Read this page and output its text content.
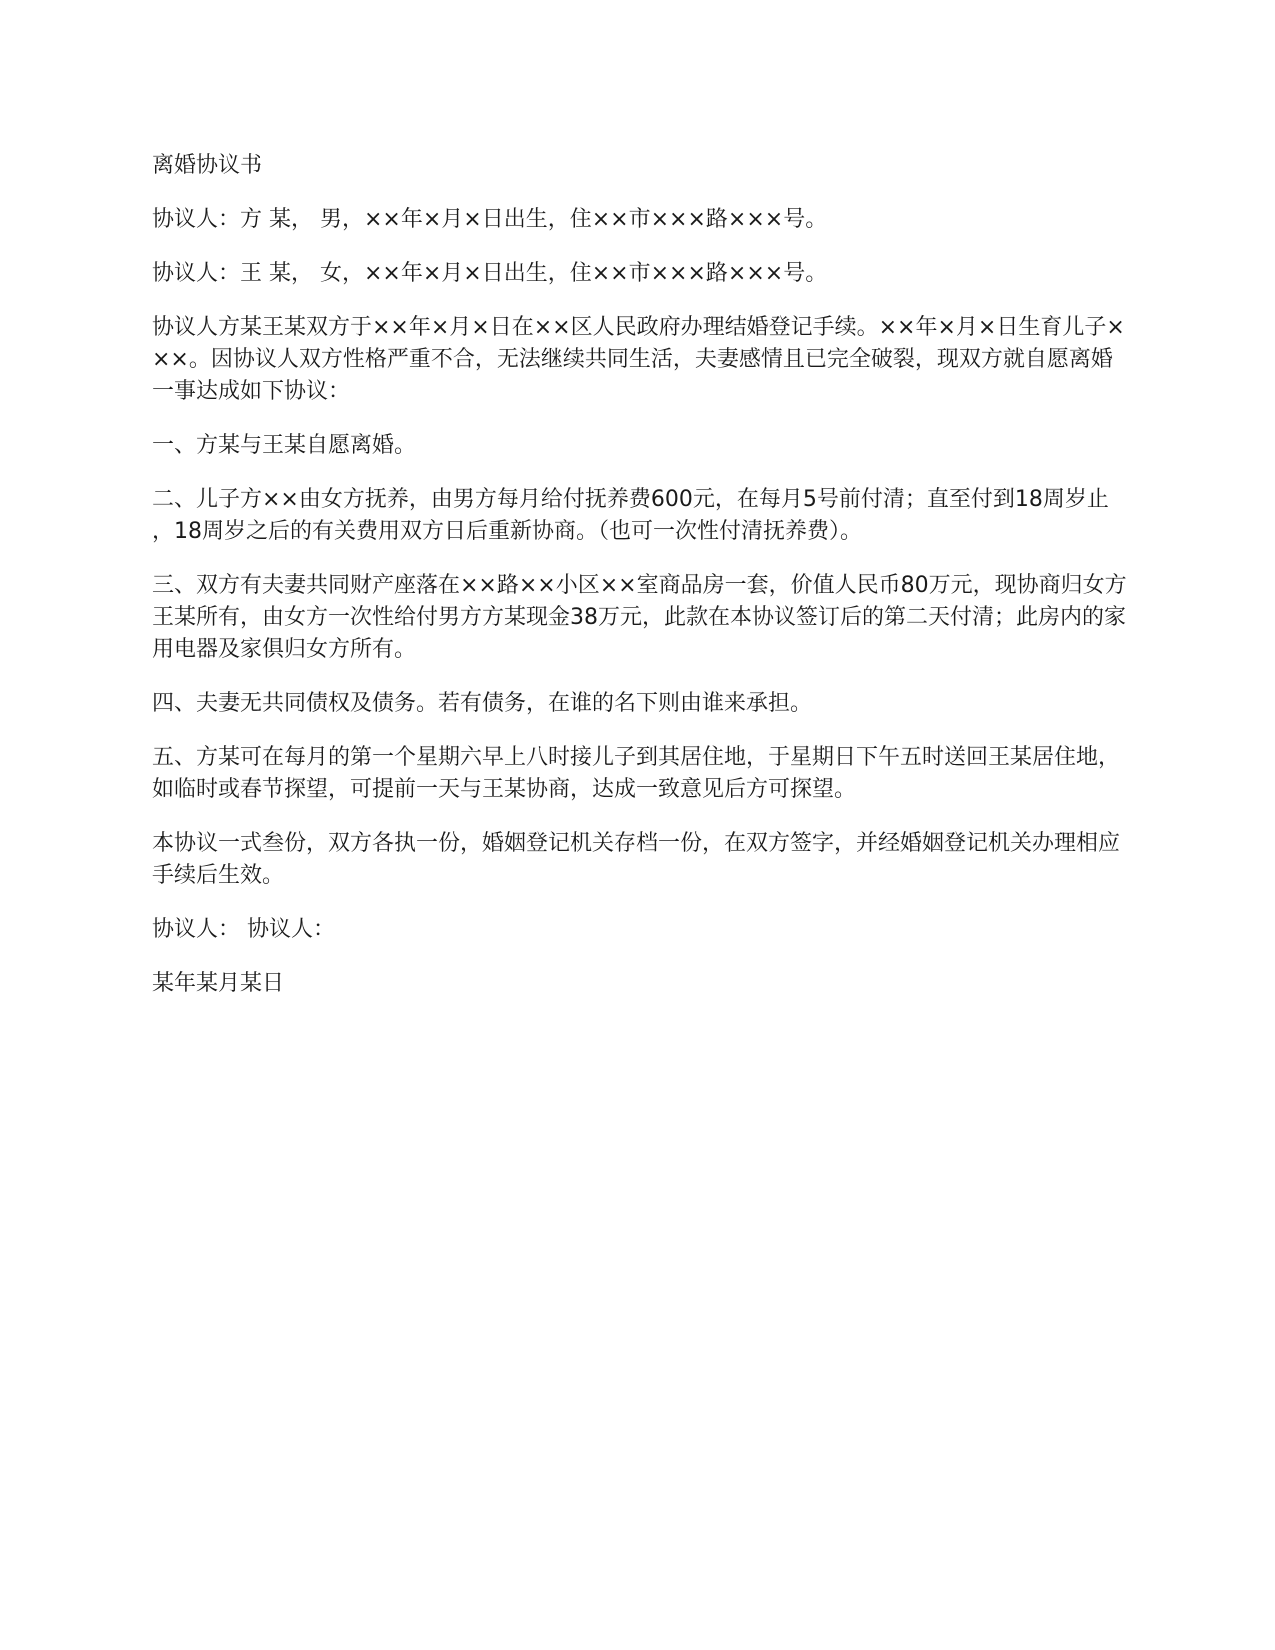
离婚协议书

协议人：方 某， 男，××年×月×日出生，住××市×××路×××号。

协议人：王 某， 女，××年×月×日出生，住××市×××路×××号。

协议人方某王某双方于××年×月×日在××区人民政府办理结婚登记手续。××年×月×日生育儿子×××。因协议人双方性格严重不合，无法继续共同生活，夫妻感情且已完全破裂，现双方就自愿离婚一事达成如下协议：

一、方某与王某自愿离婚。

二、儿子方××由女方抚养，由男方每月给付抚养费600元，在每月5号前付清；直至付到18周岁止，18周岁之后的有关费用双方日后重新协商。（也可一次性付清抚养费）。

三、双方有夫妻共同财产座落在××路××小区××室商品房一套，价值人民币80万元，现协商归女方王某所有，由女方一次性给付男方方某现金38万元，此款在本协议签订后的第二天付清；此房内的家用电器及家俱归女方所有。

四、夫妻无共同债权及债务。若有债务，在谁的名下则由谁来承担。

五、方某可在每月的第一个星期六早上八时接儿子到其居住地，于星期日下午五时送回王某居住地，如临时或春节探望，可提前一天与王某协商，达成一致意见后方可探望。

本协议一式叁份，双方各执一份，婚姻登记机关存档一份，在双方签字，并经婚姻登记机关办理相应手续后生效。

协议人： 协议人：

某年某月某日
